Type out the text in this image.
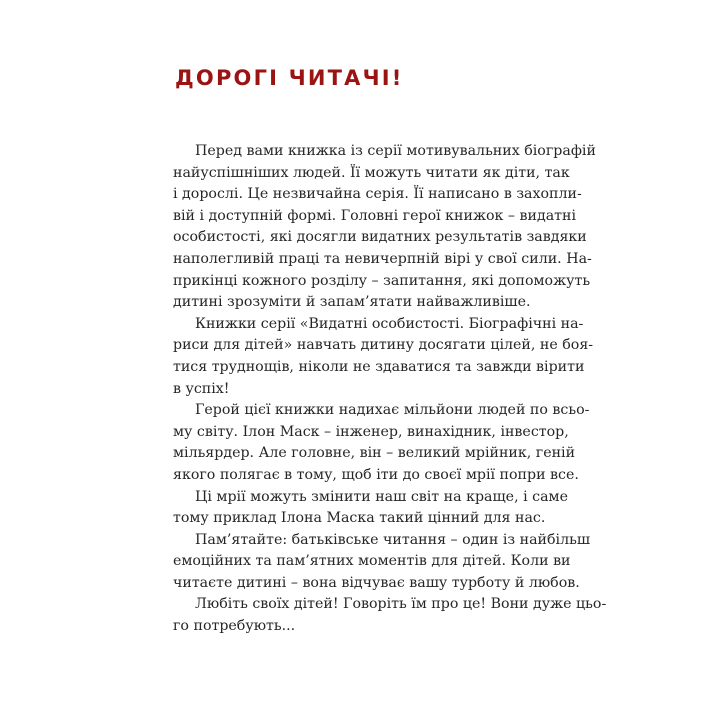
ДОРОГІ ЧИТАЧІ!
Перед вами книжка із серії мотивувальних біографій
найуспішніших людей. Її можуть читати як діти, так
і дорослі. Це незвичайна серія. Її написано в захопли-
вій і доступній формі. Головні герої книжок – видатні
особистості, які досягли видатних результатів завдяки
наполегливій праці та невичерпній вірі у свої сили. На-
прикінці кожного розділу – запитання, які допоможуть
дитині зрозуміти й запам’ятати найважливіше.
Книжки серії «Видатні особистості. Біографічні на-
риси для дітей» навчать дитину досягати цілей, не боя-
тися труднощів, ніколи не здаватися та завжди вірити
в успіх!
Герой цієї книжки надихає мільйони людей по всьо-
му світу. Ілон Маск – інженер, винахідник, інвестор,
мільярдер. Але головне, він – великий мрійник, геній
якого полягає в тому, щоб іти до своєї мрії попри все.
Ці мрії можуть змінити наш світ на краще, і саме
тому приклад Ілона Маска такий цінний для нас.
Пам’ятайте: батьківське читання – один із найбільш
емоційних та пам’ятних моментів для дітей. Коли ви
читаєте дитині – вона відчуває вашу турботу й любов.
Любіть своїх дітей! Говоріть їм про це! Вони дуже цьо-
го потребують...
